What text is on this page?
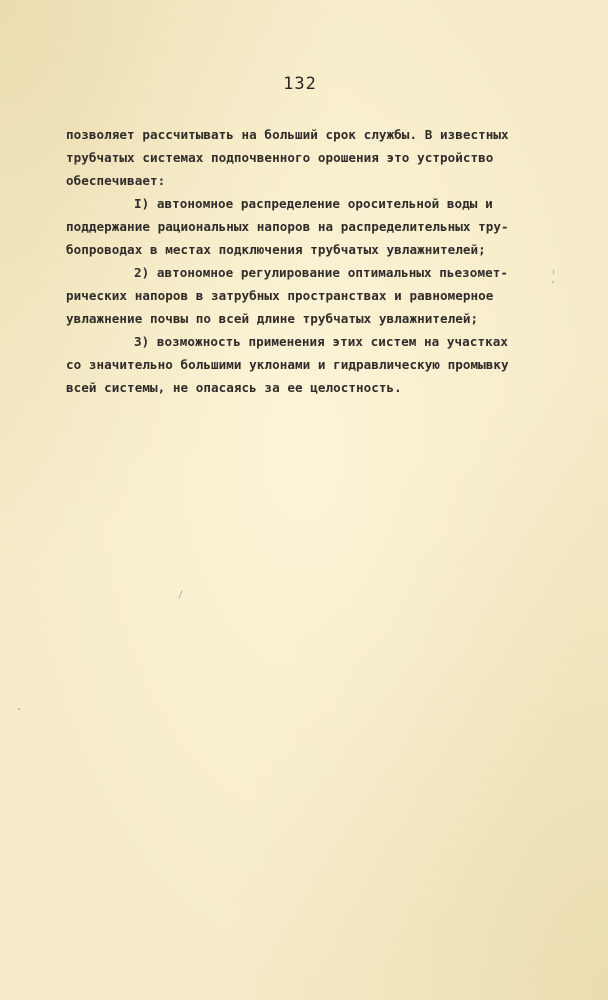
132
позволяет рассчитывать на больший срок службы. В известных
трубчатых системах подпочвенного орошения это устройство
обеспечивает:
I) автономное распределение оросительной воды и
поддержание рациональных напоров на распределительных тру-
бопроводах в местах подключения трубчатых увлажнителей;
2) автономное регулирование оптимальных пьезомет-
рических напоров в затрубных пространствах и равномерное
увлажнение почвы по всей длине трубчатых увлажнителей;
3) возможность применения этих систем на участках
со значительно большими уклонами и гидравлическую промывку
всей системы, не опасаясь за ее целостность.
